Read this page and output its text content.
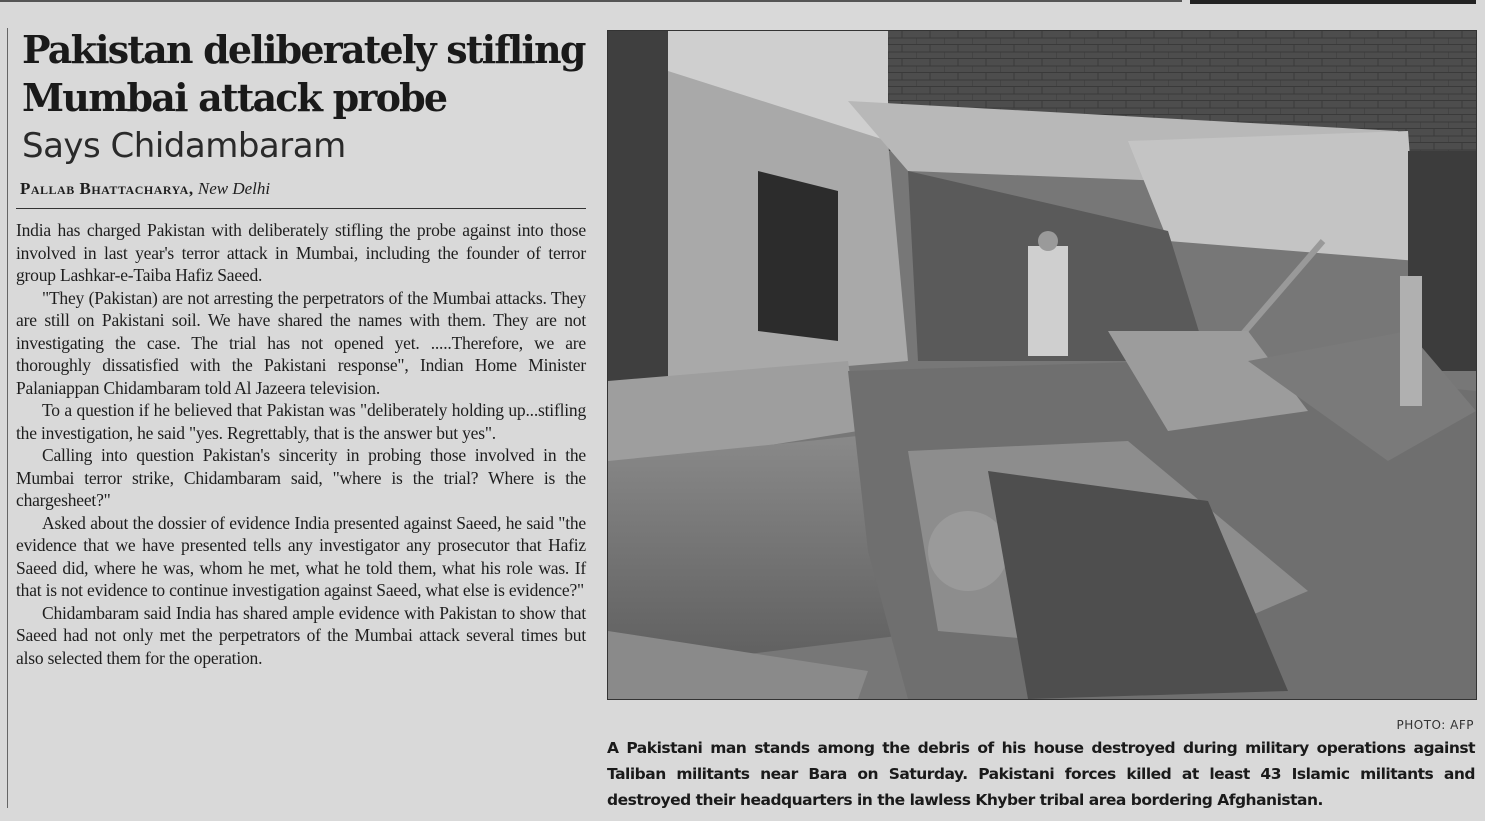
Pakistan deliberately stifling Mumbai attack probe
Says Chidambaram
Pallab Bhattacharya, New Delhi

India has charged Pakistan with deliberately stifling the probe against into those involved in last year's terror attack in Mumbai, including the founder of terror group Lashkar-e-Taiba Hafiz Saeed.

"They (Pakistan) are not arresting the perpetrators of the Mumbai attacks. They are still on Pakistani soil. We have shared the names with them. They are not investigating the case. The trial has not opened yet. .....Therefore, we are thoroughly dissatisfied with the Pakistani response", Indian Home Minister Palaniappan Chidambaram told Al Jazeera television.

To a question if he believed that Pakistan was "deliberately holding up...stifling the investigation, he said "yes. Regrettably, that is the answer but yes".

Calling into question Pakistan's sincerity in probing those involved in the Mumbai terror strike, Chidambaram said, "where is the trial? Where is the chargesheet?"

Asked about the dossier of evidence India presented against Saeed, he said "the evidence that we have presented tells any investigator any prosecutor that Hafiz Saeed did, where he was, whom he met, what he told them, what his role was. If that is not evidence to continue investigation against Saeed, what else is evidence?"

Chidambaram said India has shared ample evidence with Pakistan to show that Saeed had not only met the perpetrators of the Mumbai attack several times but also selected them for the operation.

PHOTO: AFP
A Pakistani man stands among the debris of his house destroyed during military operations against Taliban militants near Bara on Saturday. Pakistani forces killed at least 43 Islamic militants and destroyed their headquarters in the lawless Khyber tribal area bordering Afghanistan.
